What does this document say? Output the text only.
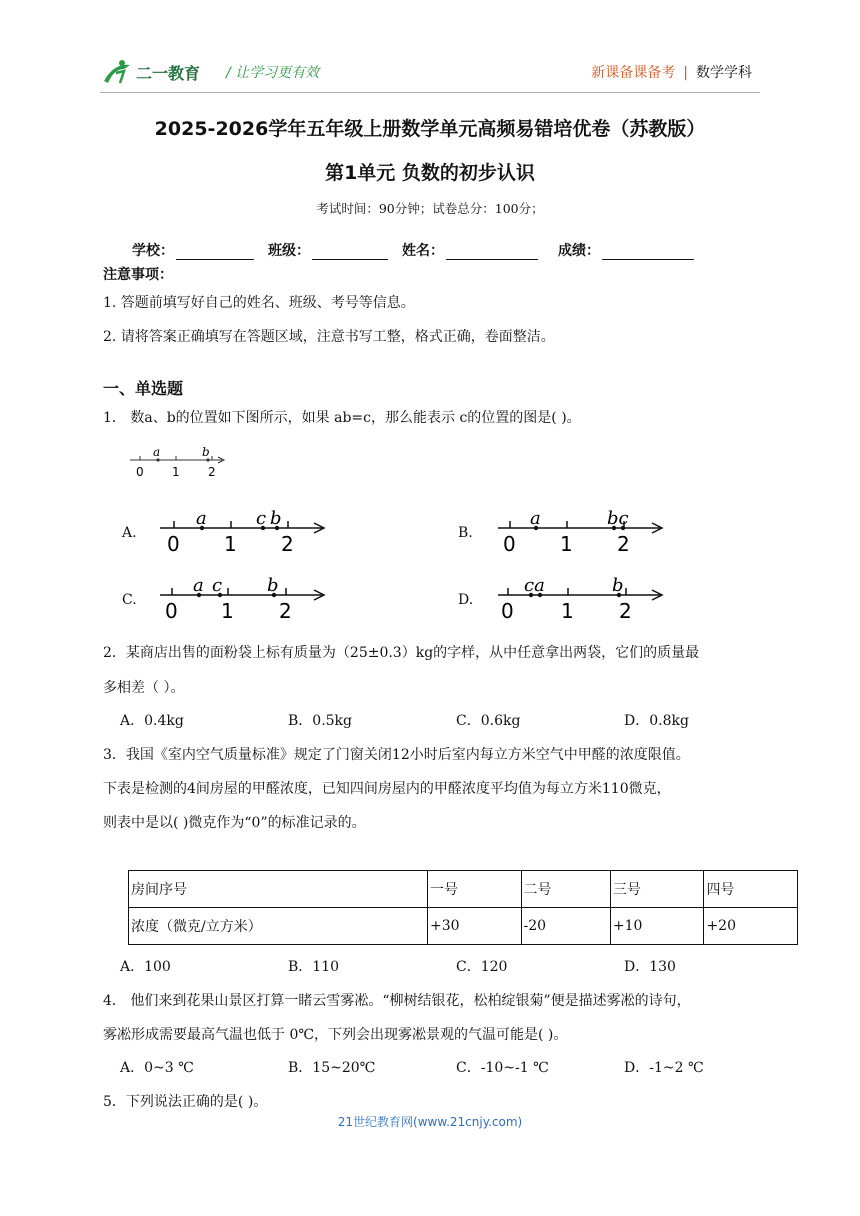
二一教育 / 让学习更有效	新课备课备考 | 数学学科
2025-2026学年五年级上册数学单元高频易错培优卷（苏教版）
第1单元 负数的初步认识
考试时间：90分钟；试卷总分：100分；
学校：	班级：	姓名：	成绩：
注意事项：
1. 答题前填写好自己的姓名、班级、考号等信息。
2. 请将答案正确填写在答题区域，注意书写工整，格式正确，卷面整洁。
一、单选题
1． 数a、b的位置如下图所示，如果 ab=c，那么能表示 c的位置的图是( )。
a	b
0 1 2
A.
a	c b
0 1 2	B.
a	bc
0 1 2
C.
a c b
0 1 2	D.
ca	b
0 1 2
2．某商店出售的面粉袋上标有质量为（25±0.3）kg的字样，从中任意拿出两袋，它们的质量最
多相差（ ）。
A．0.4kg	B．0.5kg	C．0.6kg	D．0.8kg
3．我国《室内空气质量标准》规定了门窗关闭12小时后室内每立方米空气中甲醛的浓度限值。
下表是检测的4间房屋的甲醛浓度，已知四间房屋内的甲醛浓度平均值为每立方米110微克，
则表中是以( )微克作为“0”的标准记录的。
房间序号	一号	二号	三号	四号
浓度（微克/立方米）	+30	-20	+10	+20
A．100	B．110	C．120	D．130
4． 他们来到花果山景区打算一睹云雪雾凇。“柳树结银花，松柏绽银菊”便是描述雾凇的诗句，
雾凇形成需要最高气温也低于 0℃，下列会出现雾凇景观的气温可能是( )。
A．0~3 ℃	B．15~20℃	C．-10~-1 ℃	D．-1~2 ℃
5．下列说法正确的是( )。
21世纪教育网(www.21cnjy.com)
